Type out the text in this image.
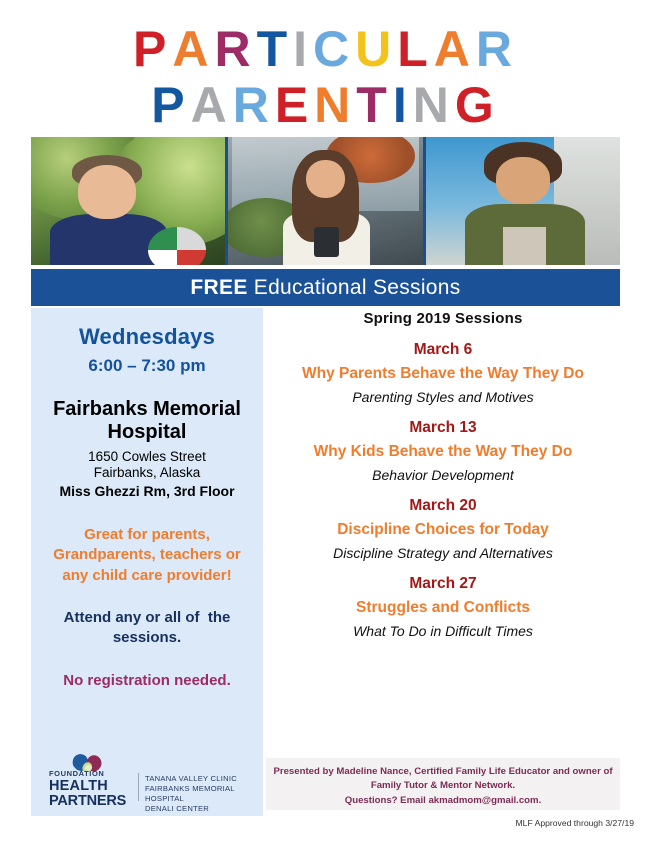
PARTICULAR
PARENTING
FREE Educational Sessions
Wednesdays
6:00 – 7:30 pm
Fairbanks Memorial Hospital
1650 Cowles Street
Fairbanks, Alaska
Miss Ghezzi Rm, 3rd Floor
Great for parents, Grandparents, teachers or any child care provider!
Attend any or all of  the sessions.
No registration needed.
FOUNDATION
HEALTH
PARTNERS
TANANA VALLEY CLINIC
FAIRBANKS MEMORIAL HOSPITAL
DENALI CENTER
Spring 2019 Sessions
March 6
Why Parents Behave the Way They Do
Parenting Styles and Motives
March 13
Why Kids Behave the Way They Do
Behavior Development
March 20
Discipline Choices for Today
Discipline Strategy and Alternatives
March 27
Struggles and Conflicts
What To Do in Difficult Times
Presented by Madeline Nance, Certified Family Life Educator and owner of
Family Tutor & Mentor Network.
Questions? Email akmadmom@gmail.com.
MLF Approved through 3/27/19
